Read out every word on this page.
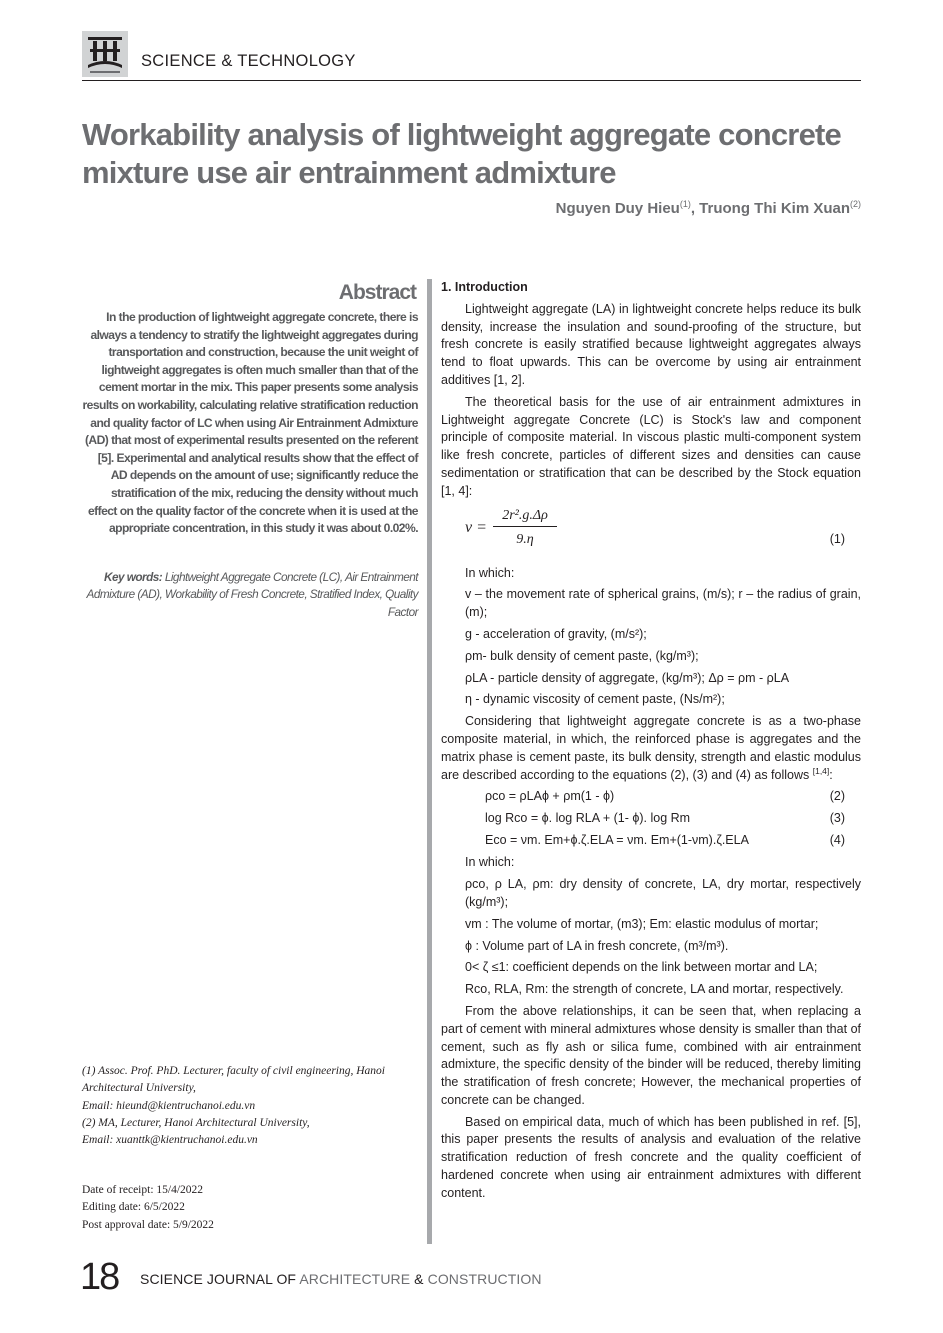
SCIENCE & TECHNOLOGY
Workability analysis of lightweight aggregate concrete mixture use air entrainment admixture
Nguyen Duy Hieu$^{(1)}$, Truong Thi Kim Xuan$^{(2)}$
Abstract

In the production of lightweight aggregate concrete, there is always a tendency to stratify the lightweight aggregates during transportation and construction, because the unit weight of lightweight aggregates is often much smaller than that of the cement mortar in the mix. This paper presents some analysis results on workability, calculating relative stratification reduction and quality factor of LC when using Air Entrainment Admixture (AD) that most of experimental results presented on the referent [5]. Experimental and analytical results show that the effect of AD depends on the amount of use; significantly reduce the stratification of the mix, reducing the density without much effect on the quality factor of the concrete when it is used at the appropriate concentration, in this study it was about 0.02%.

Key words: Lightweight Aggregate Concrete (LC), Air Entrainment Admixture (AD), Workability of Fresh Concrete, Stratified Index, Quality Factor

(1) Assoc. Prof. PhD. Lecturer, faculty of civil engineering, Hanoi Architectural University,

Email: hieund@kientruchanoi.edu.vn

(2) MA, Lecturer, Hanoi Architectural University,

Email: xuanttk@kientruchanoi.edu.vn

Date of receipt: 15/4/2022

Editing date: 6/5/2022

Post approval date: 5/9/2022

1. Introduction

Lightweight aggregate (LA) in lightweight concrete helps reduce its bulk density, increase the insulation and sound-proofing of the structure, but fresh concrete is easily stratified because lightweight aggregates always tend to float upwards. This can be overcome by using air entrainment additives [1, 2].

The theoretical basis for the use of air entrainment admixtures in Lightweight aggregate Concrete (LC) is Stock's law and component principle of composite material. In viscous plastic multi-component system like fresh concrete, particles of different sizes and densities can cause sedimentation or stratification that can be described by the Stock equation [1, 4]:

$v = \frac{\text{2r².g.Δρ}}{9.\eta}$	(1)

In which:

v – the movement rate of spherical grains, (m/s); r – the radius of grain, (m);

g - acceleration of gravity, (m/s²);

ρm- bulk density of cement paste, (kg/m³);

ρLA - particle density of aggregate, (kg/m³); Δρ = ρm - ρLA

η - dynamic viscosity of cement paste, (Ns/m²);

Considering that lightweight aggregate concrete is as a two-phase composite material, in which, the reinforced phase is aggregates and the matrix phase is cement paste, its bulk density, strength and elastic modulus are described according to the equations (2), (3) and (4) as follows [1,4]:

ρco = ρLAϕ + ρm(1 - ϕ)	(2)
log Rco = ϕ. log RLA + (1- ϕ). log Rm	(3)
Eco = νm. Em+ϕ.ζ.ELA = νm. Em+(1-νm).ζ.ELA	(4)

In which:

ρco, ρ LA, ρm: dry density of concrete, LA, dry mortar, respectively (kg/m³);

vm : The volume of mortar, (m3); Em: elastic modulus of mortar;

ϕ : Volume part of LA in fresh concrete, (m³/m³).

0< ζ ≤1: coefficient depends on the link between mortar and LA;

Rco, RLA, Rm: the strength of concrete, LA and mortar, respectively.

From the above relationships, it can be seen that, when replacing a part of cement with mineral admixtures whose density is smaller than that of cement, such as fly ash or silica fume, combined with air entrainment admixture, the specific density of the binder will be reduced, thereby limiting the stratification of fresh concrete; However, the mechanical properties of concrete can be changed.

Based on empirical data, much of which has been published in ref. [5], this paper presents the results of analysis and evaluation of the relative stratification reduction of fresh concrete and the quality coefficient of hardened concrete when using air entrainment admixtures with different content.

18 SCIENCE JOURNAL OF ARCHITECTURE & CONSTRUCTION
